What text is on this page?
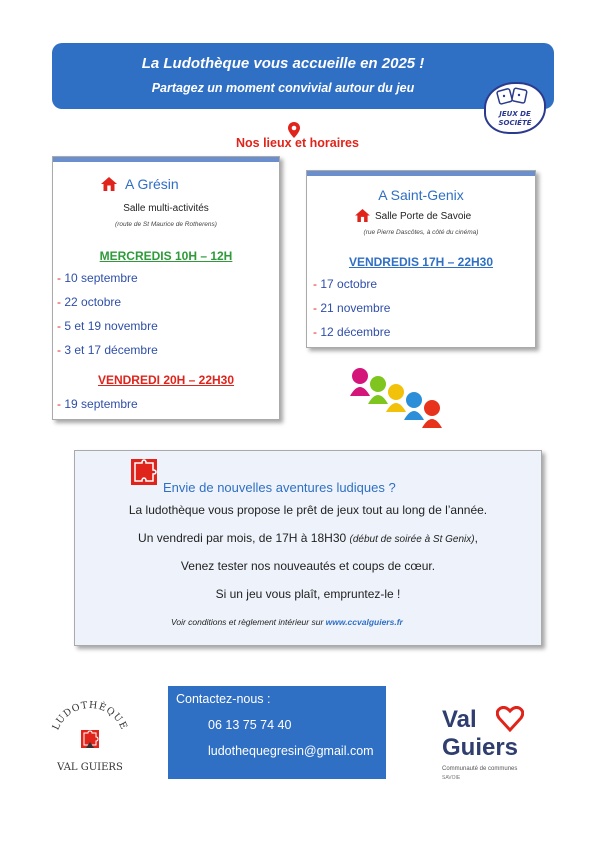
La Ludothèque vous accueille en 2025 !
Partagez un moment convivial autour du jeu
JEUX DE
SOCIÉTÉ
Nos lieux et horaires
A Grésin
Salle multi-activités
(route de St Maurice de Rotherens)
MERCREDIS 10H – 12H
- 10 septembre
- 22 octobre
- 5 et 19 novembre
- 3 et 17 décembre
VENDREDI 20H – 22H30
- 19 septembre
A Saint-Genix
Salle Porte de Savoie
(rue Pierre Dascôtes, à côté du cinéma)
VENDREDIS 17H – 22H30
- 17 octobre
- 21 novembre
- 12 décembre
Envie de nouvelles aventures ludiques ?
La ludothèque vous propose le prêt de jeux tout au long de l’année.
Un vendredi par mois, de 17H à 18H30 (début de soirée à St Genix),
Venez tester nos nouveautés et coups de cœur.
Si un jeu vous plaît, empruntez-le !
Voir conditions et règlement intérieur sur www.ccvalguiers.fr
LUDOTHÈQUE
VAL GUIERS
Contactez-nous :
06 13 75 74 40
ludothequegresin@gmail.com
Val
Guiers
Communauté de communes
SAVOIE
